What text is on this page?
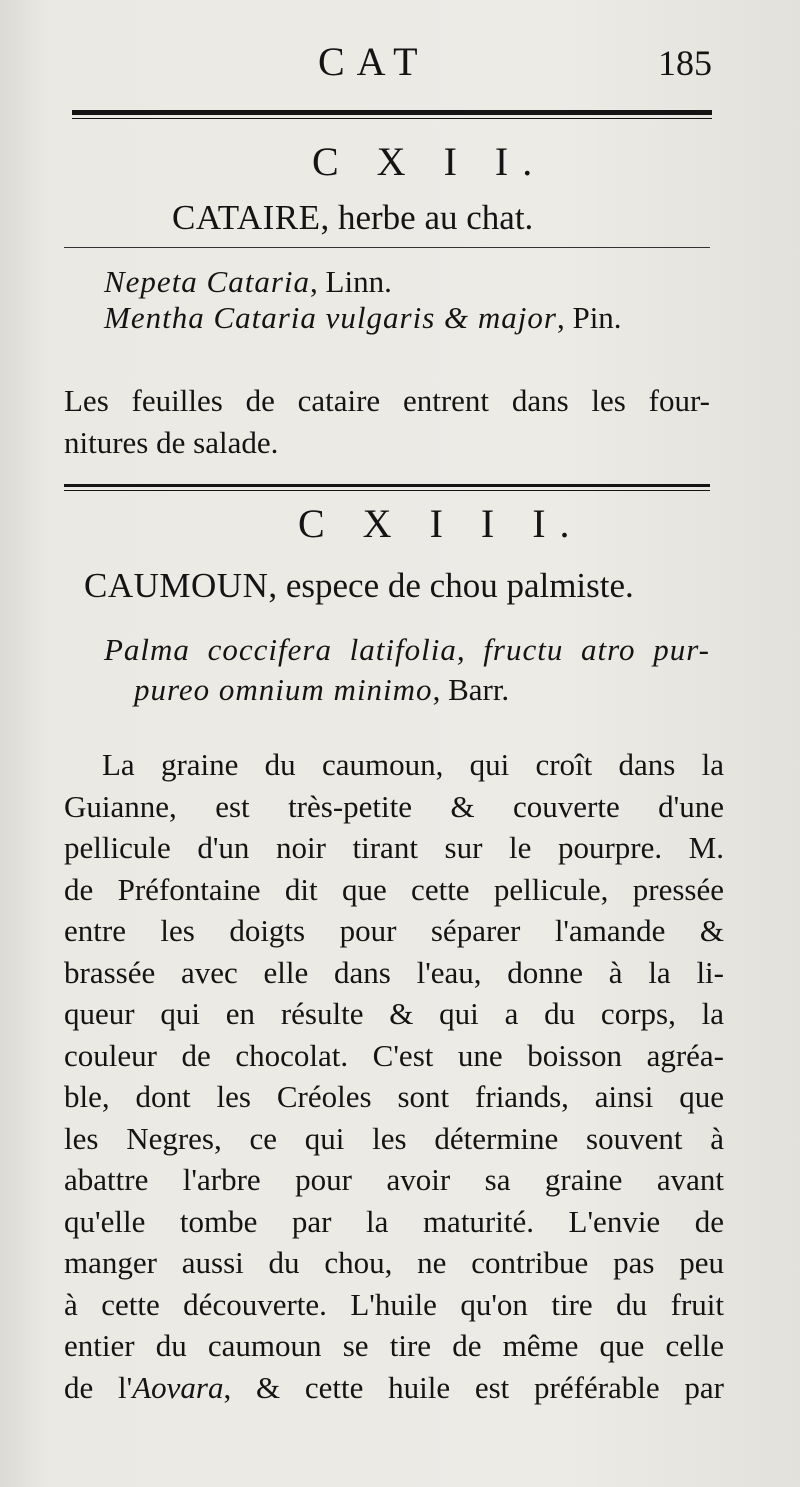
CAT	185
C X I I.
CATAIRE, herbe au chat.
Nepeta Cataria, Linn.
Mentha Cataria vulgaris & major, Pin.
Les feuilles de cataire entrent dans les four-
nitures de salade.
C X I I I.
CAUMOUN, espece de chou palmiste.
Palma coccifera latifolia, fructu atro pur-
pureo omnium minimo, Barr.
La graine du caumoun, qui croît dans la
Guianne, est très-petite & couverte d'une
pellicule d'un noir tirant sur le pourpre. M.
de Préfontaine dit que cette pellicule, pressée
entre les doigts pour séparer l'amande &
brassée avec elle dans l'eau, donne à la li-
queur qui en résulte & qui a du corps, la
couleur de chocolat. C'est une boisson agréa-
ble, dont les Créoles sont friands, ainsi que
les Negres, ce qui les détermine souvent à
abattre l'arbre pour avoir sa graine avant
qu'elle tombe par la maturité. L'envie de
manger aussi du chou, ne contribue pas peu
à cette découverte. L'huile qu'on tire du fruit
entier du caumoun se tire de même que celle
de l'Aovara, & cette huile est préférable par
